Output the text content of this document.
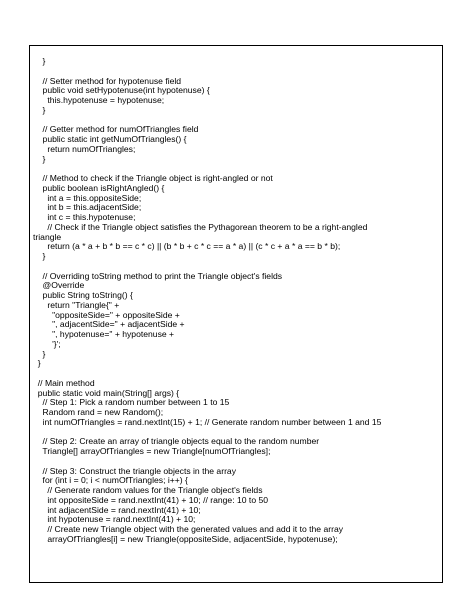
}
// Setter method for hypotenuse field
public void setHypotenuse(int hypotenuse) {
this.hypotenuse = hypotenuse;
}
// Getter method for numOfTriangles field
public static int getNumOfTriangles() {
return numOfTriangles;
}
// Method to check if the Triangle object is right-angled or not
public boolean isRightAngled() {
int a = this.oppositeSide;
int b = this.adjacentSide;
int c = this.hypotenuse;
// Check if the Triangle object satisfies the Pythagorean theorem to be a right-angled
triangle
return (a * a + b * b == c * c) || (b * b + c * c == a * a) || (c * c + a * a == b * b);
}
// Overriding toString method to print the Triangle object's fields
@Override
public String toString() {
return "Triangle{" +
"oppositeSide=" + oppositeSide +
", adjacentSide=" + adjacentSide +
", hypotenuse=" + hypotenuse +
'}';
}
}
// Main method
public static void main(String[] args) {
// Step 1: Pick a random number between 1 to 15
Random rand = new Random();
int numOfTriangles = rand.nextInt(15) + 1; // Generate random number between 1 and 15
// Step 2: Create an array of triangle objects equal to the random number
Triangle[] arrayOfTriangles = new Triangle[numOfTriangles];
// Step 3: Construct the triangle objects in the array
for (int i = 0; i < numOfTriangles; i++) {
// Generate random values for the Triangle object's fields
int oppositeSide = rand.nextInt(41) + 10; // range: 10 to 50
int adjacentSide = rand.nextInt(41) + 10;
int hypotenuse = rand.nextInt(41) + 10;
// Create new Triangle object with the generated values and add it to the array
arrayOfTriangles[i] = new Triangle(oppositeSide, adjacentSide, hypotenuse);
